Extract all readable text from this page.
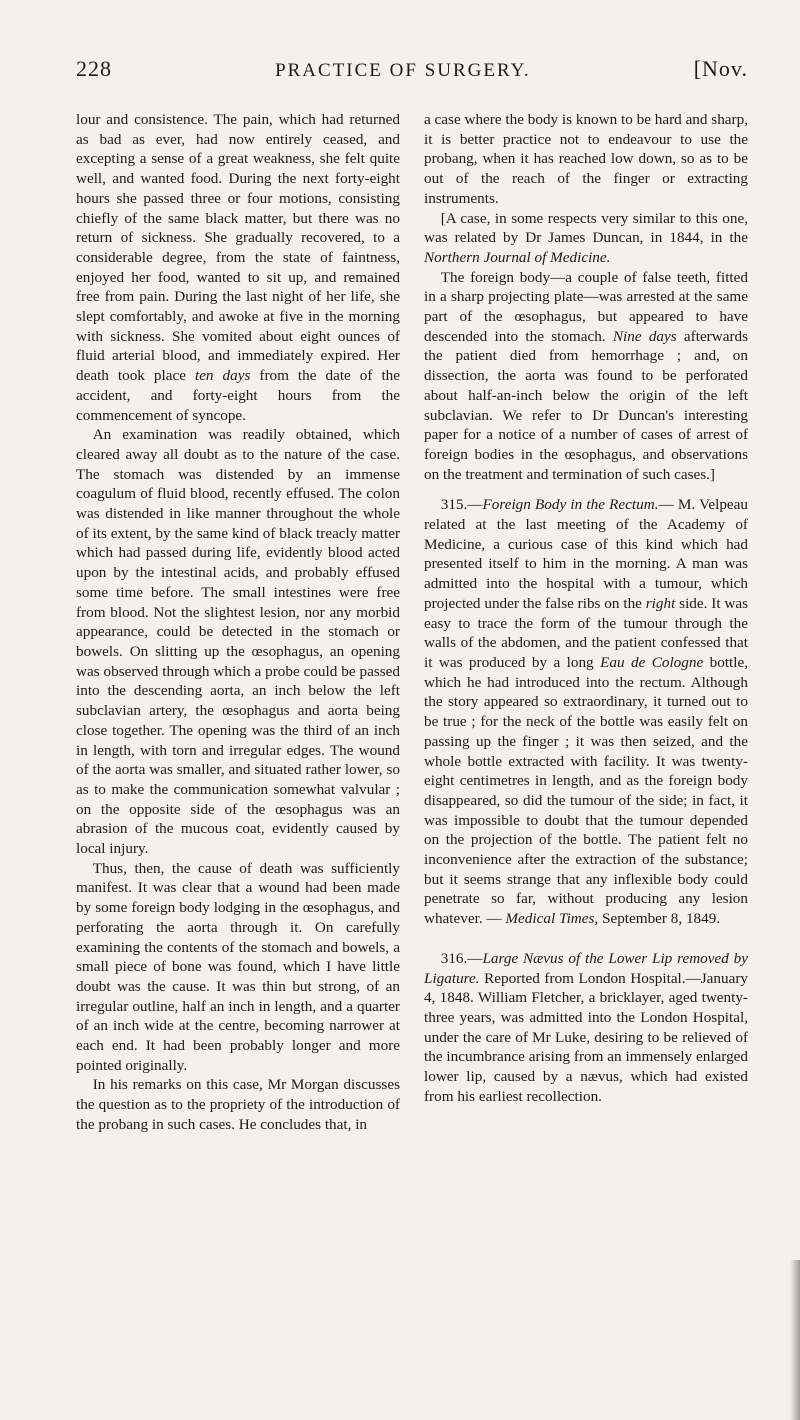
228	PRACTICE OF SURGERY.	[Nov.

lour and consistence. The pain, which had returned as bad as ever, had now entirely ceased, and excepting a sense of a great weakness, she felt quite well, and wanted food. During the next forty-eight hours she passed three or four motions, consisting chiefly of the same black matter, but there was no return of sickness. She gradually recovered, to a considerable degree, from the state of faintness, enjoyed her food, wanted to sit up, and remained free from pain. During the last night of her life, she slept comfortably, and awoke at five in the morning with sickness. She vomited about eight ounces of fluid arterial blood, and immediately expired. Her death took place ten days from the date of the accident, and forty-eight hours from the commencement of syncope.

An examination was readily obtained, which cleared away all doubt as to the nature of the case. The stomach was distended by an immense coagulum of fluid blood, recently effused. The colon was distended in like manner throughout the whole of its extent, by the same kind of black treacly matter which had passed during life, evidently blood acted upon by the intestinal acids, and probably effused some time before. The small intestines were free from blood. Not the slightest lesion, nor any morbid appearance, could be detected in the stomach or bowels. On slitting up the œsophagus, an opening was observed through which a probe could be passed into the descending aorta, an inch below the left subclavian artery, the œsophagus and aorta being close together. The opening was the third of an inch in length, with torn and irregular edges. The wound of the aorta was smaller, and situated rather lower, so as to make the communication somewhat valvular ; on the opposite side of the œsophagus was an abrasion of the mucous coat, evidently caused by local injury.

Thus, then, the cause of death was sufficiently manifest. It was clear that a wound had been made by some foreign body lodging in the œsophagus, and perforating the aorta through it. On carefully examining the contents of the stomach and bowels, a small piece of bone was found, which I have little doubt was the cause. It was thin but strong, of an irregular outline, half an inch in length, and a quarter of an inch wide at the centre, becoming narrower at each end. It had been probably longer and more pointed originally.

In his remarks on this case, Mr Morgan discusses the question as to the propriety of the introduction of the probang in such cases. He concludes that, in

a case where the body is known to be hard and sharp, it is better practice not to endeavour to use the probang, when it has reached low down, so as to be out of the reach of the finger or extracting instruments.

[A case, in some respects very similar to this one, was related by Dr James Duncan, in 1844, in the Northern Journal of Medicine.

The foreign body—a couple of false teeth, fitted in a sharp projecting plate—was arrested at the same part of the œsophagus, but appeared to have descended into the stomach. Nine days afterwards the patient died from hemorrhage ; and, on dissection, the aorta was found to be perforated about half-an-inch below the origin of the left subclavian. We refer to Dr Duncan's interesting paper for a notice of a number of cases of arrest of foreign bodies in the œsophagus, and observations on the treatment and termination of such cases.]

315.—Foreign Body in the Rectum.— M. Velpeau related at the last meeting of the Academy of Medicine, a curious case of this kind which had presented itself to him in the morning. A man was admitted into the hospital with a tumour, which projected under the false ribs on the right side. It was easy to trace the form of the tumour through the walls of the abdomen, and the patient confessed that it was produced by a long Eau de Cologne bottle, which he had introduced into the rectum. Although the story appeared so extraordinary, it turned out to be true ; for the neck of the bottle was easily felt on passing up the finger ; it was then seized, and the whole bottle extracted with facility. It was twenty-eight centimetres in length, and as the foreign body disappeared, so did the tumour of the side; in fact, it was impossible to doubt that the tumour depended on the projection of the bottle. The patient felt no inconvenience after the extraction of the substance; but it seems strange that any inflexible body could penetrate so far, without producing any lesion whatever. — Medical Times, September 8, 1849.

316.—Large Nævus of the Lower Lip removed by Ligature. Reported from London Hospital.—January 4, 1848. William Fletcher, a bricklayer, aged twenty-three years, was admitted into the London Hospital, under the care of Mr Luke, desiring to be relieved of the incumbrance arising from an immensely enlarged lower lip, caused by a nævus, which had existed from his earliest recollection.
